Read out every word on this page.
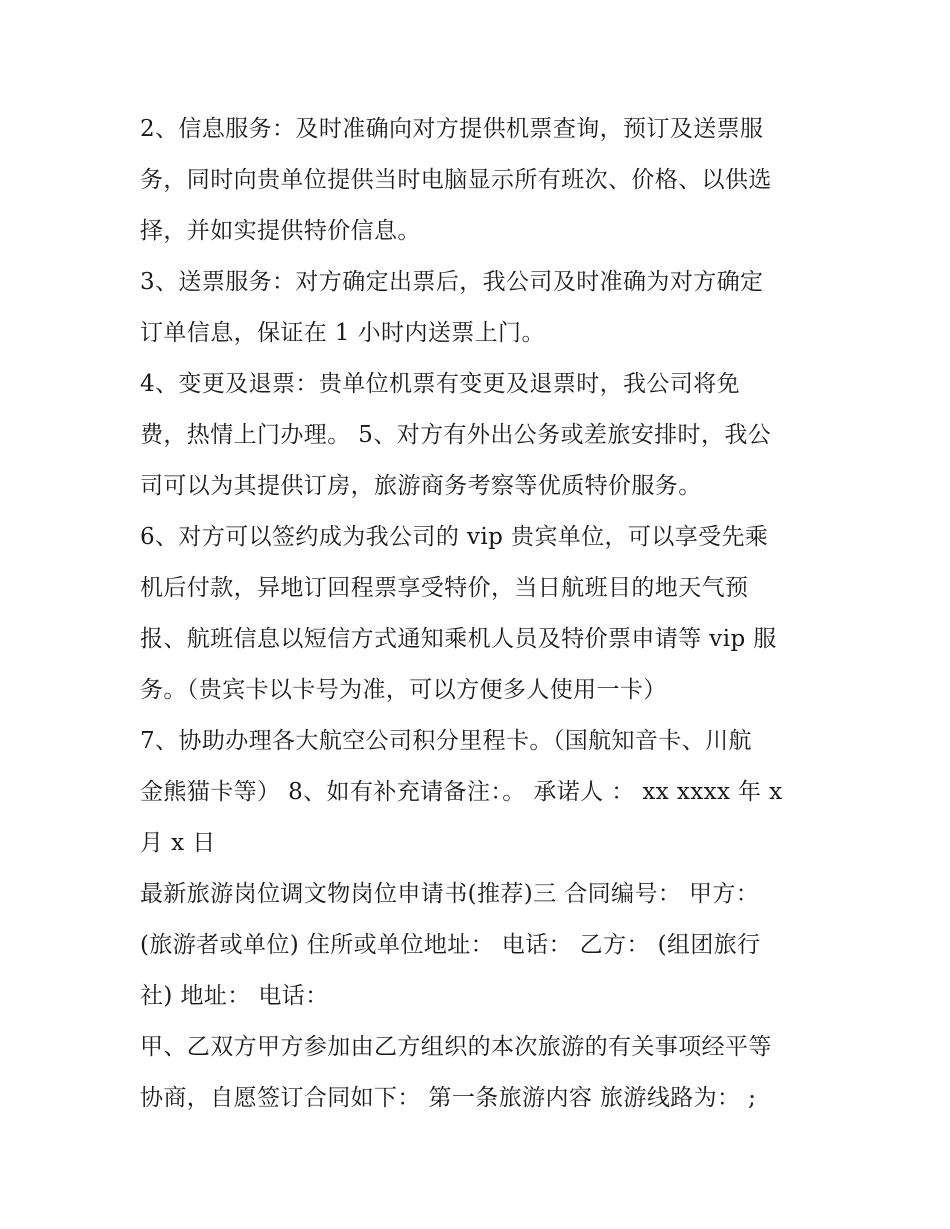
2、信息服务：及时准确向对方提供机票查询，预订及送票服
务，同时向贵单位提供当时电脑显示所有班次、价格、以供选
择，并如实提供特价信息。
3、送票服务：对方确定出票后，我公司及时准确为对方确定
订单信息，保证在 1 小时内送票上门。
4、变更及退票：贵单位机票有变更及退票时，我公司将免
费，热情上门办理。 5、对方有外出公务或差旅安排时，我公
司可以为其提供订房，旅游商务考察等优质特价服务。
6、对方可以签约成为我公司的 vip 贵宾单位，可以享受先乘
机后付款，异地订回程票享受特价，当日航班目的地天气预
报、航班信息以短信方式通知乘机人员及特价票申请等 vip 服
务。（贵宾卡以卡号为准，可以方便多人使用一卡）
7、协助办理各大航空公司积分里程卡。（国航知音卡、川航
金熊猫卡等） 8、如有补充请备注：。 承诺人 ： xx xxxx 年 x
月 x 日
最新旅游岗位调文物岗位申请书(推荐)三 合同编号： 甲方：
(旅游者或单位) 住所或单位地址： 电话： 乙方： (组团旅行
社) 地址： 电话：
甲、乙双方甲方参加由乙方组织的本次旅游的有关事项经平等
协商，自愿签订合同如下： 第一条旅游内容 旅游线路为： ;
